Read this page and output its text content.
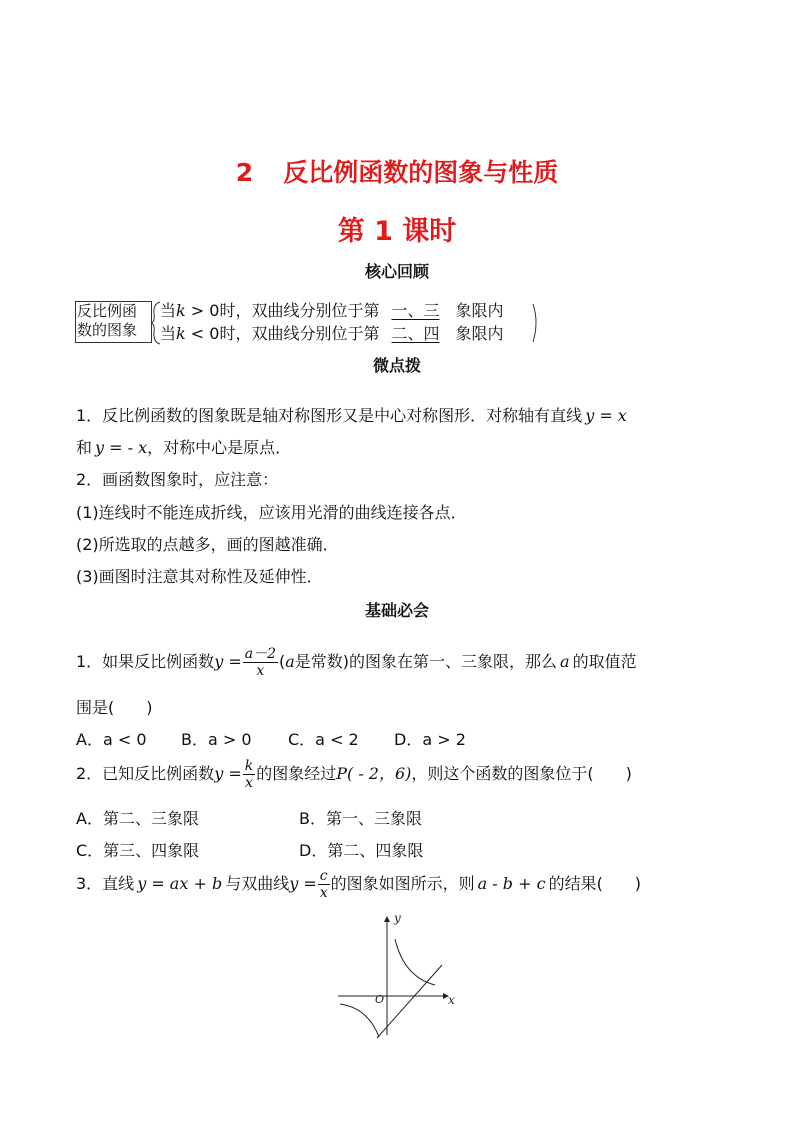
2 反比例函数的图象与性质
第 1 课时
核心回顾
反比例函
数的图象
当k > 0时，双曲线分别位于第 一、三 象限内
当k < 0时，双曲线分别位于第 二、四 象限内
微点拨
1．反比例函数的图象既是轴对称图形又是中心对称图形．对称轴有直线 y = x
和 y = - x，对称中心是原点．
2．画函数图象时，应注意：
(1)连线时不能连成折线，应该用光滑的曲线连接各点．
(2)所选取的点越多，画的图越准确．
(3)画图时注意其对称性及延伸性．
基础必会
1．如果反比例函数$y = \frac{a-2}{x} (a$是常数)的图象在第一、三象限，那么 a 的取值范
围是(　　)
A．a < 0 B．a > 0 C．a < 2 D．a > 2
2．已知反比例函数$y = \frac{k}{x}$ 的图象经过P( - 2，6)，则这个函数的图象位于(　　)
A．第二、三象限	B．第一、三象限
C．第三、四象限	D．第二、四象限
3．直线 y = ax + b 与双曲线$y = \frac{c}{x}$ 的图象如图所示，则 a - b + c 的结果(　　)
y
x
O
